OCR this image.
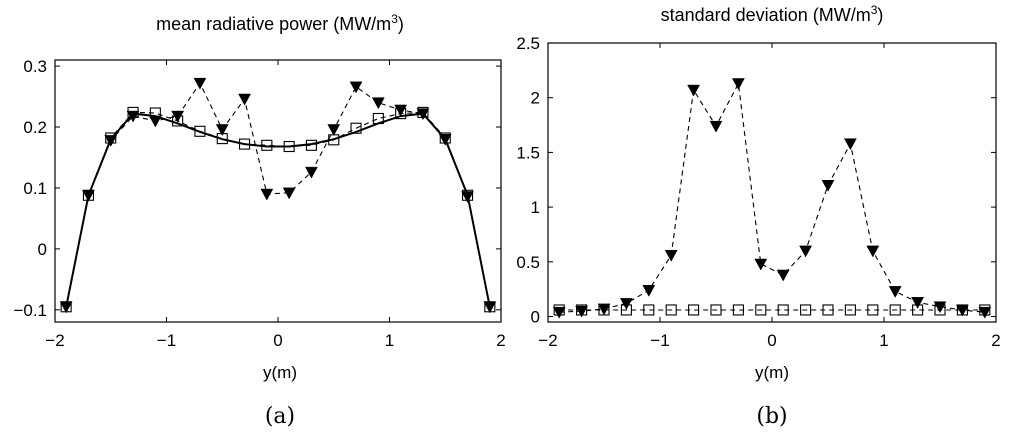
mean radiative power $(MW/m^3)$
y(m)
(a)
−2	−1	0	1	2
−0.1
0
0.1
0.2
0.3
standard deviation $(MW/m^3)$
y(m)
(b)
−2	−1	0	1	2
0
0.5
1
1.5
2
2.5
